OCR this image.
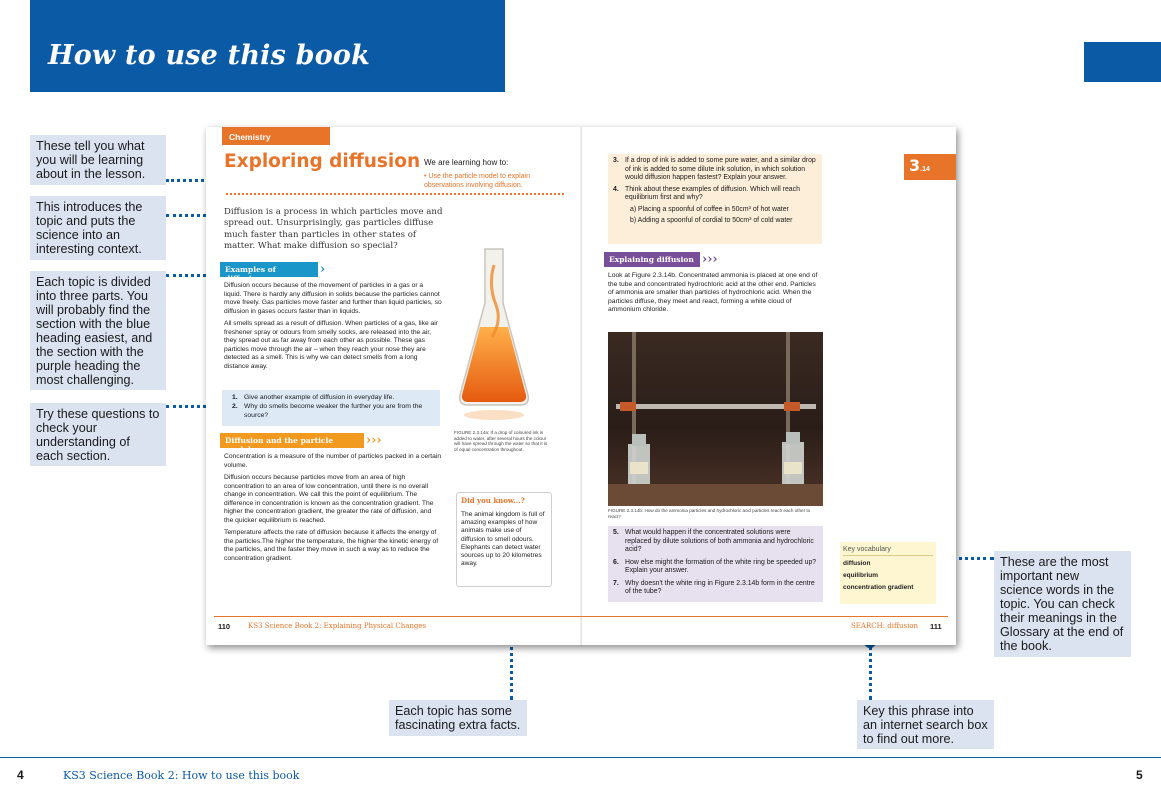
How to use this book
These tell you what you will be learning about in the lesson.
This introduces the topic and puts the science into an interesting context.
Each topic is divided into three parts. You will probably find the section with the blue heading easiest, and the section with the purple heading the most challenging.
Try these questions to check your understanding of each section.
These are the most important new science words in the topic. You can check their meanings in the Glossary at the end of the book.
Each topic has some fascinating extra facts.
Key this phrase into an internet search box to find out more.
Chemistry
Exploring diffusion We are learning how to:
• Use the particle model to explain observations involving diffusion.
Diffusion is a process in which particles move and spread out. Unsurprisingly, gas particles diffuse much faster than particles in other states of matter. What make diffusion so special?
Examples of diffusion
›

Diffusion occurs because of the movement of particles in a gas or a liquid. There is hardly any diffusion in solids because the particles cannot move freely. Gas particles move faster and further than liquid particles, so diffusion in gases occurs faster than in liquids.

All smells spread as a result of diffusion. When particles of a gas, like air freshener spray or odours from smelly socks, are released into the air, they spread out as far away from each other as possible. These gas particles move through the air – when they reach your nose they are detected as a smell. This is why we can detect smells from a long distance away.

1. Give another example of diffusion in everyday life.
2. Why do smells become weaker the further you are from the source?
Diffusion and the particle model
›››

Concentration is a measure of the number of particles packed in a certain volume.

Diffusion occurs because particles move from an area of high concentration to an area of low concentration, until there is no overall change in concentration. We call this the point of equilibrium. The difference in concentration is known as the concentration gradient. The higher the concentration gradient, the greater the rate of diffusion, and the quicker equilibrium is reached.

Temperature affects the rate of diffusion because it affects the energy of the particles.The higher the temperature, the higher the kinetic energy of the particles, and the faster they move in such a way as to reduce the concentration gradient.

FIGURE 2.3.14a: If a drop of coloured ink is added to water, after several hours the colour will have spread through the water so that it is of equal concentration throughout.
Did you know...?
The animal kingdom is full of amazing examples of how animals make use of diffusion to smell odours. Elephants can detect water sources up to 20 kilometres away.
3. If a drop of ink is added to some pure water, and a similar drop of ink is added to some dilute ink solution, in which solution would diffusion happen fastest? Explain your answer.
4. Think about these examples of diffusion. Which will reach equilibrium first and why?
a) Placing a spoonful of coffee in 50cm³ of hot water
b) Adding a spoonful of cordial to 50cm³ of cold water
3.14
Explaining diffusion ›››

Look at Figure 2.3.14b. Concentrated ammonia is placed at one end of the tube and concentrated hydrochloric acid at the other end. Particles of ammonia are smaller than particles of hydrochloric acid. When the particles diffuse, they meet and react, forming a white cloud of ammonium chloride.

FIGURE 2.3.14b: How do the ammonia particles and hydrochloric acid particles reach each other to react?
5. What would happen if the concentrated solutions were replaced by dilute solutions of both ammonia and hydrochloric acid?
6. How else might the formation of the white ring be speeded up? Explain your answer.
7. Why doesn't the white ring in Figure 2.3.14b form in the centre of the tube?
Key vocabulary
diffusion
equilibrium
concentration gradient
110	KS3 Science Book 2: Explaining Physical Changes	SEARCH: diffusion 111
4	KS3 Science Book 2: How to use this book	5
